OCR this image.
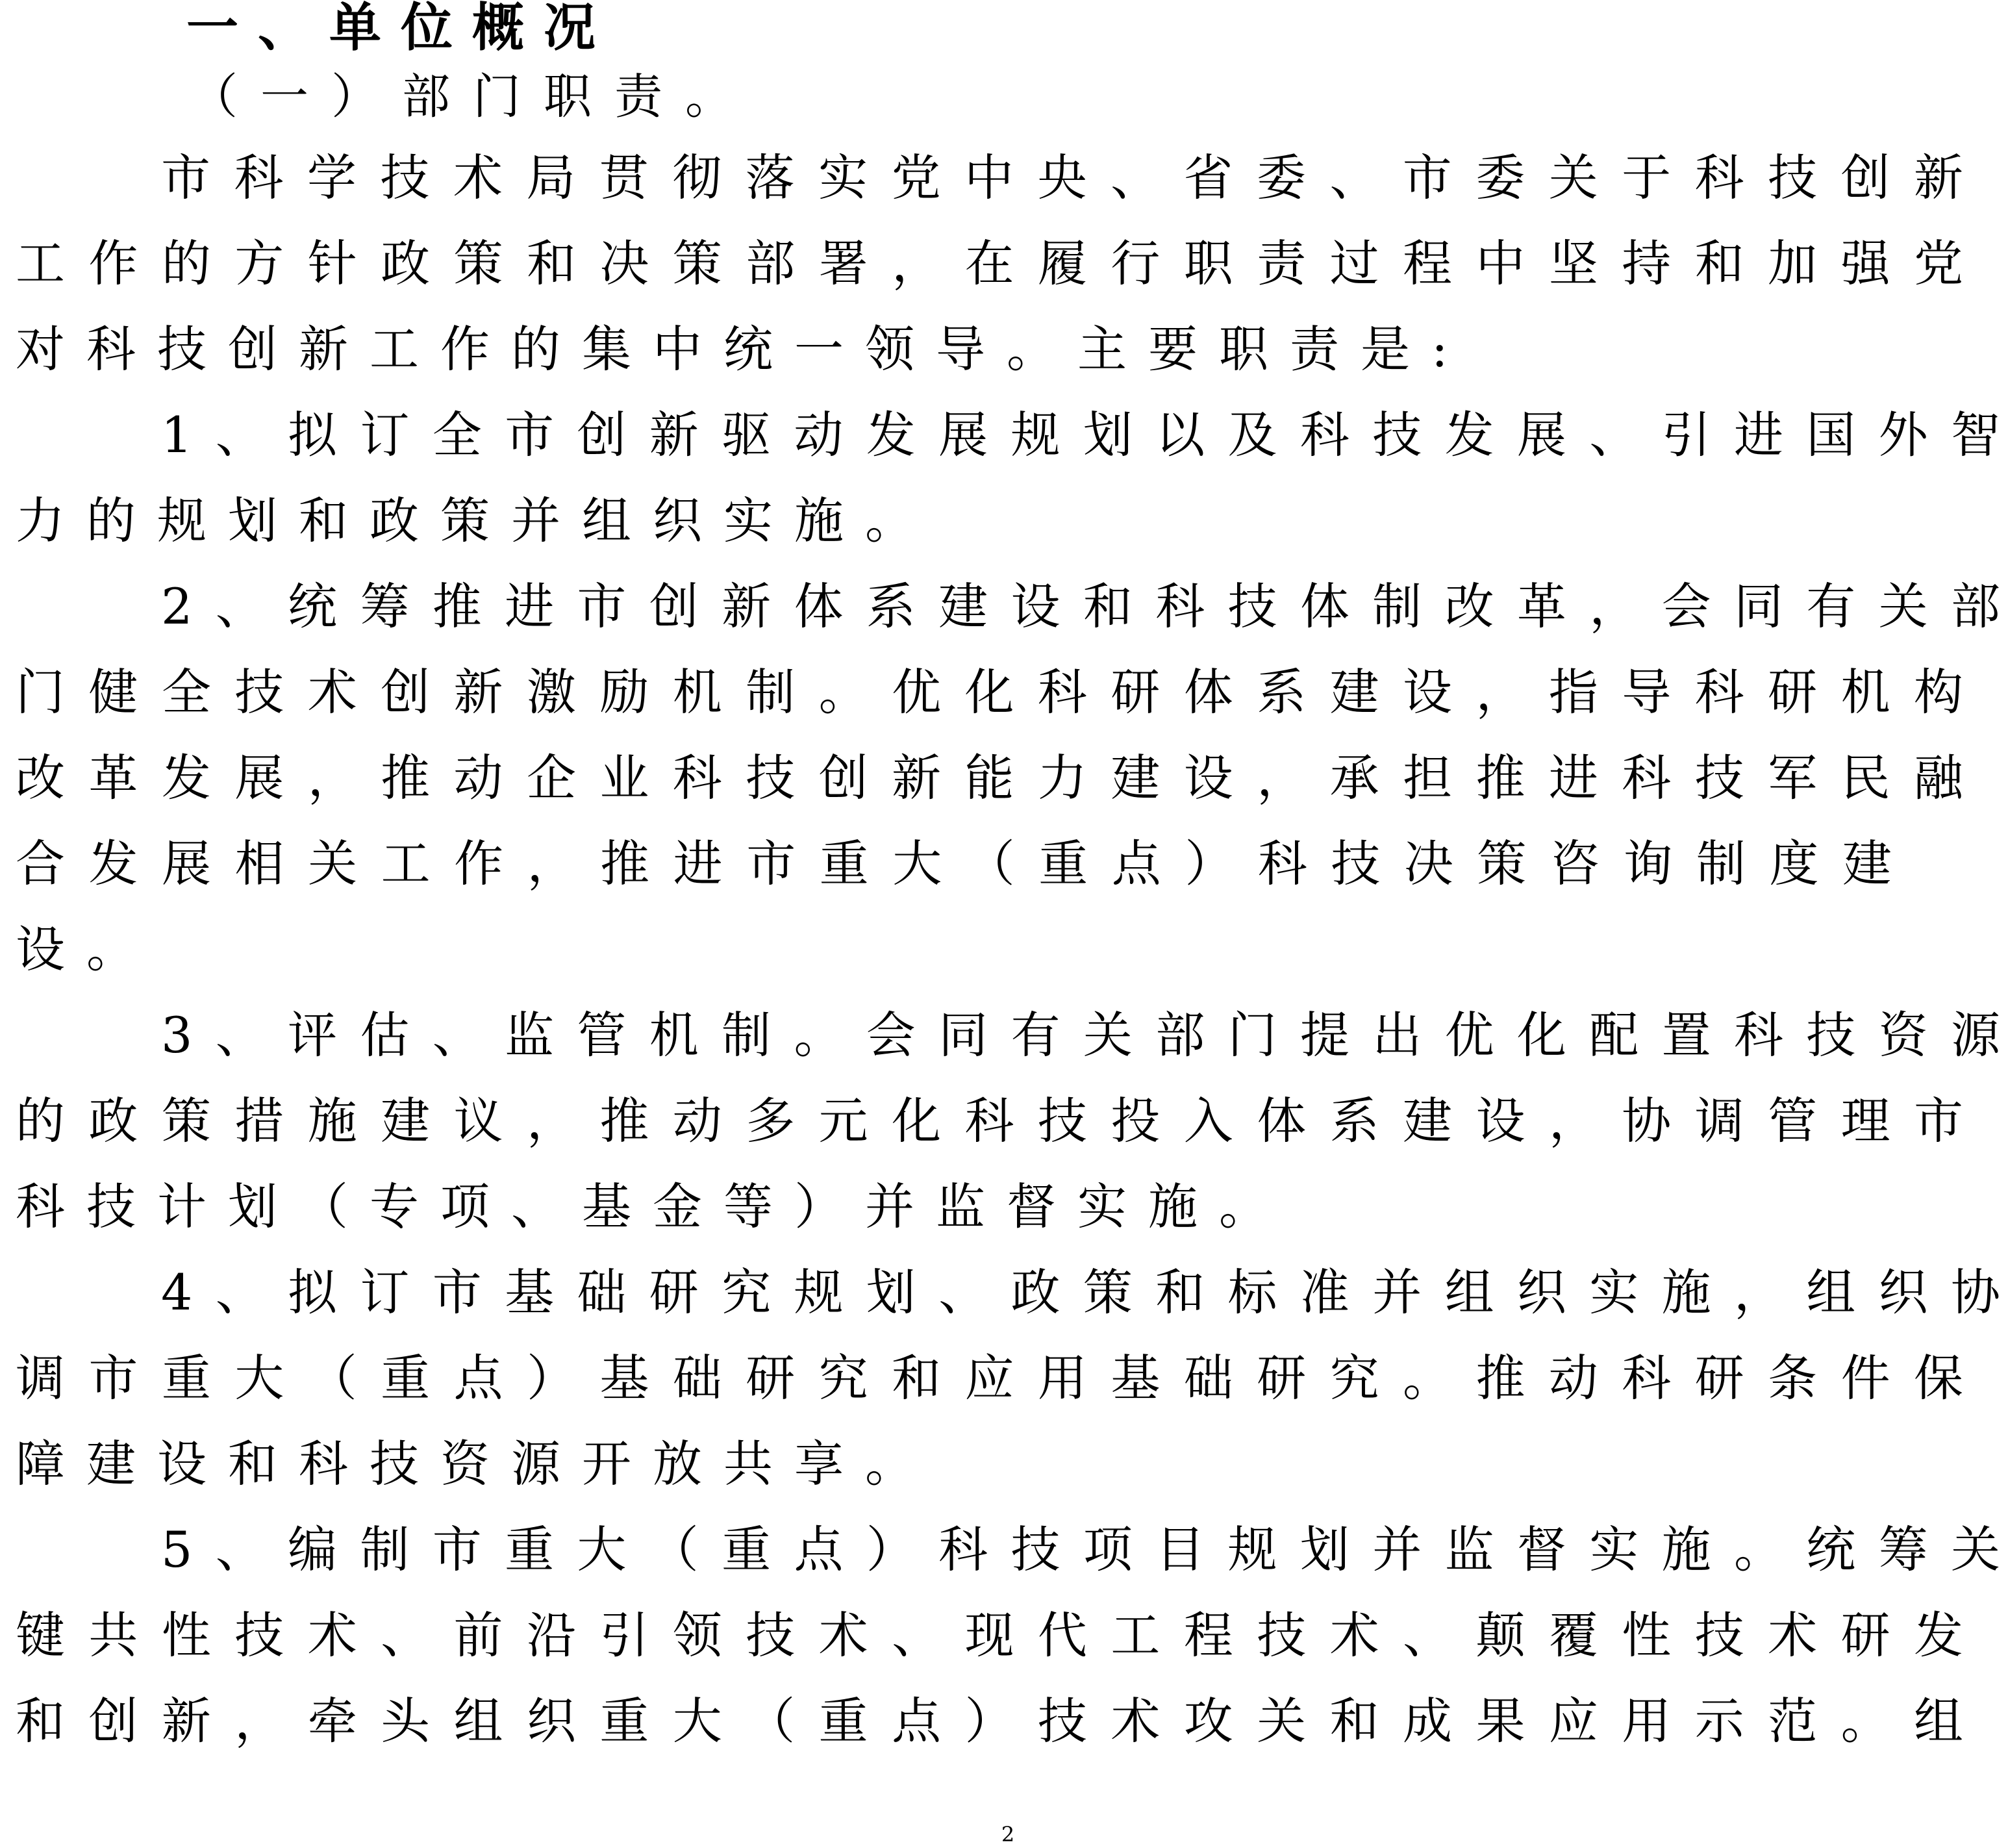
一、单位概况
（一）部门职责。
市科学技术局贯彻落实党中央、省委、市委关于科技创新
工作的方针政策和决策部署，在履行职责过程中坚持和加强党
对科技创新工作的集中统一领导。主要职责是:
1、拟订全市创新驱动发展规划以及科技发展、引进国外智
力的规划和政策并组织实施。
2、统筹推进市创新体系建设和科技体制改革，会同有关部
门健全技术创新激励机制。优化科研体系建设，指导科研机构
改革发展，推动企业科技创新能力建设，承担推进科技军民融
合发展相关工作，推进市重大（重点）科技决策咨询制度建
设。
3、评估、监管机制。会同有关部门提出优化配置科技资源
的政策措施建议，推动多元化科技投入体系建设，协调管理市
科技计划（专项、基金等）并监督实施。
4、拟订市基础研究规划、政策和标准并组织实施，组织协
调市重大（重点）基础研究和应用基础研究。推动科研条件保
障建设和科技资源开放共享。
5、编制市重大（重点）科技项目规划并监督实施。统筹关
键共性技术、前沿引领技术、现代工程技术、颠覆性技术研发
和创新，牵头组织重大（重点）技术攻关和成果应用示范。组
2
